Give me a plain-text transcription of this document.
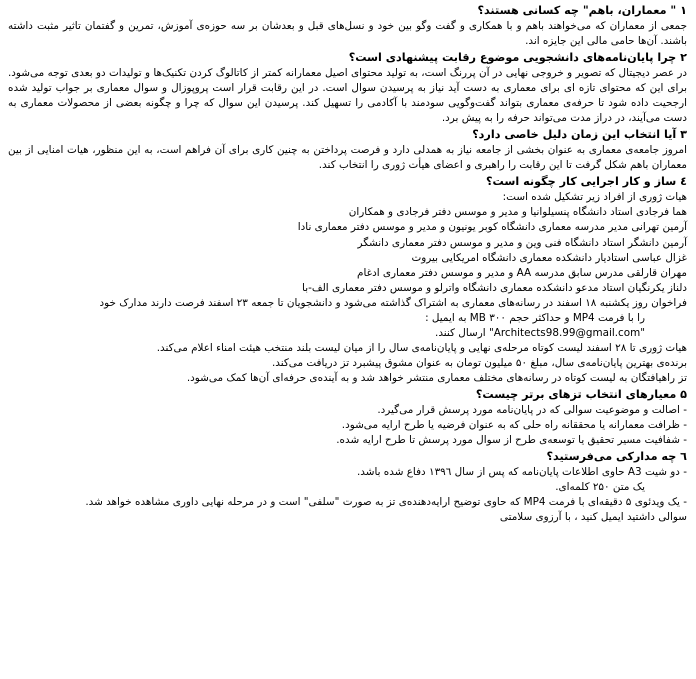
۱ " معماران، باهم" چه کسانی هستند؟

جمعی از معماران که می‌خواهند باهم و با همکاری و گفت وگو بین خود و نسل‌های قبل و بعدشان بر سه حوزه‌ی آموزش، تمرین و گفتمان تاثیر مثبت داشته باشند. آن‌ها حامی مالی این جایزه اند.

۲ چرا پایان‌نامه‌های دانشجویی موضوع رقابت پیشنهادی است؟

در عصر دیجیتال که تصویر و خروجی نهایی در آن پررنگ است، به تولید محتوای اصیل معمارانه کمتر از کاتالوگ کردن تکنیک‌ها و تولیدات دو بعدی توجه می‌شود. برای این که محتوای تازه ای برای معماری به دست آید نیاز به پرسیدن سوال است. در این رقابت قرار است پروپوزال و سوال معماری بر جواب تولید شده ارجحیت داده شود تا حرفه‌ی معماری بتواند گفت‌وگویی سودمند با آکادمی را تسهیل کند. پرسیدن این سوال که چرا و چگونه بعضی از محصولات معماری به دست می‌آیند، در دراز مدت می‌تواند حرفه را به پیش برد.

۳ آیا انتخاب این زمان دلیل خاصی دارد؟

امروز جامعه‌ی معماری به عنوان بخشی از جامعه نیاز به همدلی دارد و فرصت پرداختن به چنین کاری برای آن فراهم است، به این منظور، هیات امنایی از بین معماران باهم شکل گرفت تا این رقابت را راهبری و اعضای هیأت ژوری را انتخاب کند.

٤ ساز و کار اجرایی کار چگونه است؟

هیات ژوری از افراد زیر تشکیل شده است:

هما فرجادی استاد دانشگاه پنسیلوانیا و مدیر و موسس دفتر فرجادی و همکاران

آرمین تهرانی مدیر مدرسه معماری دانشگاه کوبر یونیون و مدیر و موسس دفتر معماری نادا

آرمین دانشگر استاد دانشگاه فنی وین و مدیر و موسس دفتر معماری دانشگر

غزال عباسی استادیار دانشکده معماری دانشگاه امریکایی بیروت

مهران قارلقی مدرس سابق مدرسه AA و مدیر و موسس دفتر معماری ادغام

دلناز یکرنگیان استاد مدعو دانشکده معماری دانشگاه واترلو و موسس دفتر معماری الف-با

فراخوان روز یکشنبه ۱۸ اسفند در رسانه‌های معماری به اشتراک گذاشته می‌شود و دانشجویان تا جمعه ۲۳ اسفند فرصت دارند مدارک خود

را با فرمت MP4 و حداکثر حجم ۳۰۰ MB به ایمیل :

"Architects98.99@gmail.com" ارسال کنند.

هیات ژوری تا ۲۸ اسفند لیست کوتاه مرحله‌ی نهایی و پایان‌نامه‌ی سال را از میان لیست بلند منتخب هیئت امناء اعلام می‌کند.

برنده‌ی بهترین پایان‌نامه‌ی سال، مبلغ ۵۰ میلیون تومان به عنوان مشوق پیشبرد تز دریافت می‌کند.

تز راهیافتگان به لیست کوتاه در رسانه‌های مختلف معماری منتشر خواهد شد و به آینده‌ی حرفه‌ای آن‌ها کمک می‌شود.

۵ معیارهای انتخاب تزهای برتر چیست؟

- اصالت و موضوعیت سوالی که در پایان‌نامه مورد پرسش قرار می‌گیرد.

- ظرافت معمارانه یا محققانه راه حلی که به عنوان فرضیه یا طرح ارایه می‌شود.

- شفافیت مسیر تحقیق یا توسعه‌ی طرح از سوال مورد پرسش تا طرح ارایه شده.

٦ چه مدارکی می‌فرستید؟

- دو شیت A3 حاوی اطلاعات پایان‌نامه که پس از سال ۱۳۹٦ دفاع شده باشد.

یک متن ۲۵۰ کلمه‌ای.

- یک ویدئوی ۵ دقیقه‌ای با فرمت MP4 که حاوی توضیح ارایه‌دهنده‌ی تز به صورت "سلفی" است و در مرحله نهایی داوری مشاهده خواهد شد.

سوالی داشتید ایمیل کنید ، با آرزوی سلامتی
